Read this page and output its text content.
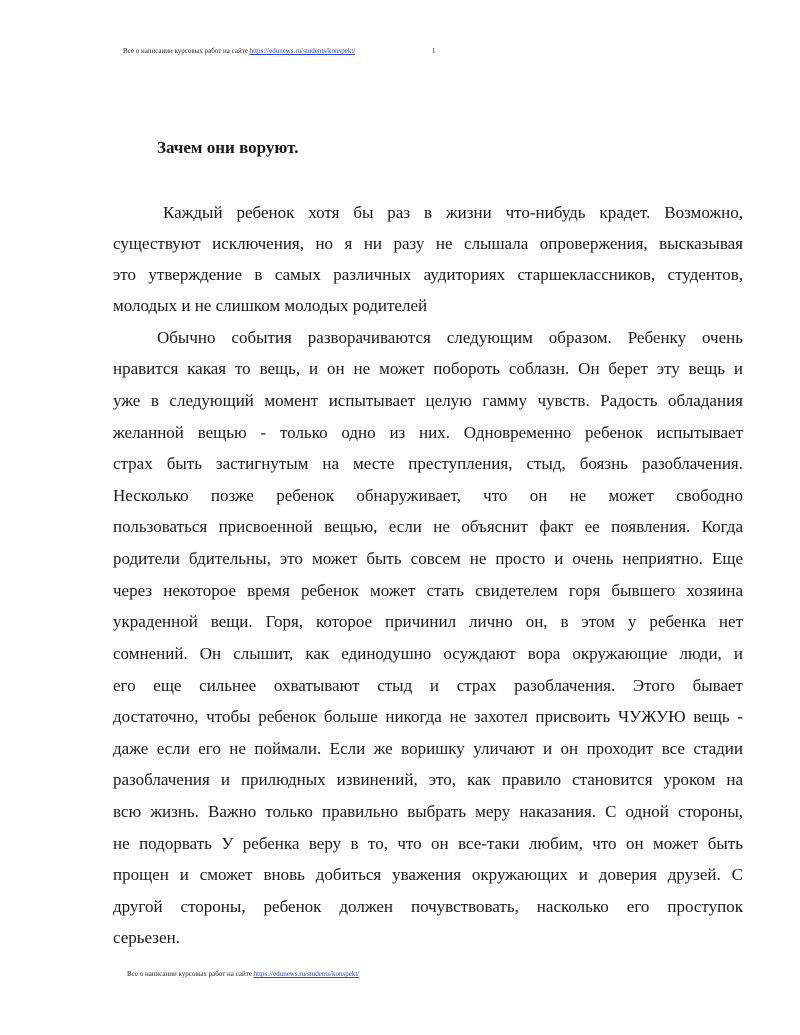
Все о написании курсовых работ на сайте https://edunews.ru/students/konspekt/	1
Зачем они воруют.
Каждый ребенок хотя бы раз в жизни что-нибудь крадет. Возможно,
существуют исключения, но я ни разу не слышала опровержения, высказывая
это утверждение в самых различных аудиториях старшеклассников, студентов,
молодых и не слишком молодых родителей
Обычно события разворачиваются следующим образом. Ребенку очень
нравится какая то вещь, и он не может побороть соблазн. Он берет эту вещь и
уже в следующий момент испытывает целую гамму чувств. Радость обладания
желанной вещью - только одно из них. Одновременно ребенок испытывает
страх быть застигнутым на месте преступления, стыд, боязнь разоблачения.
Несколько позже ребенок обнаруживает, что он не может свободно
пользоваться присвоенной вещью, если не объяснит факт ее появления. Когда
родители бдительны, это может быть совсем не просто и очень неприятно. Еще
через некоторое время ребенок может стать свидетелем горя бывшего хозяина
украденной вещи. Горя, которое причинил лично он, в этом у ребенка нет
сомнений. Он слышит, как единодушно осуждают вора окружающие люди, и
его еще сильнее охватывают стыд и страх разоблачения. Этого бывает
достаточно, чтобы ребенок больше никогда не захотел присвоить ЧУЖУЮ вещь -
даже если его не поймали. Если же воришку уличают и он проходит все стадии
разоблачения и прилюдных извинений, это, как правило становится уроком на
всю жизнь. Важно только правильно выбрать меру наказания. С одной стороны,
не подорвать У ребенка веру в то, что он все-таки любим, что он может быть
прощен и сможет вновь добиться уважения окружающих и доверия друзей. С
другой стороны, ребенок должен почувствовать, насколько его проступок
серьезен.
Все о написании курсовых работ на сайте https://edunews.ru/students/konspekt/
